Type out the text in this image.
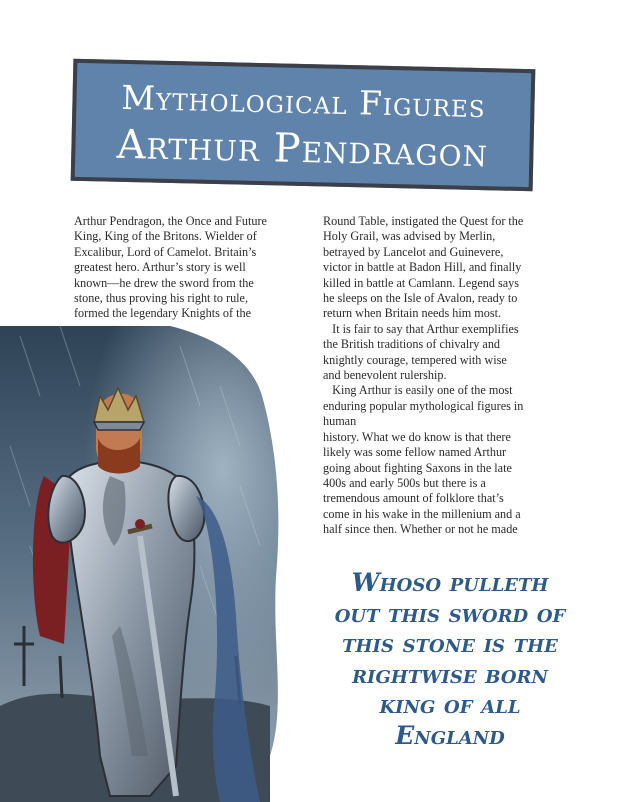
Mythological Figures
Arthur Pendragon

Arthur Pendragon, the Once and Future

King, King of the Britons. Wielder of

Excalibur, Lord of Camelot. Britain’s

greatest hero. Arthur’s story is well

known—he drew the sword from the

stone, thus proving his right to rule,

formed the legendary Knights of the

Round Table, instigated the Quest for the

Holy Grail, was advised by Merlin,

betrayed by Lancelot and Guinevere,

victor in battle at Badon Hill, and finally

killed in battle at Camlann. Legend says

he sleeps on the Isle of Avalon, ready to

return when Britain needs him most.

It is fair to say that Arthur exemplifies

the British traditions of chivalry and

knightly courage, tempered with wise

and benevolent rulership.

King Arthur is easily one of the most

enduring popular mythological figures in

human

history. What we do know is that there

likely was some fellow named Arthur

going about fighting Saxons in the late

400s and early 500s but there is a

tremendous amount of folklore that’s

come in his wake in the millenium and a

half since then. Whether or not he made

Whoso pulleth

out this sword of

this stone is the

rightwise born

king of all

England
